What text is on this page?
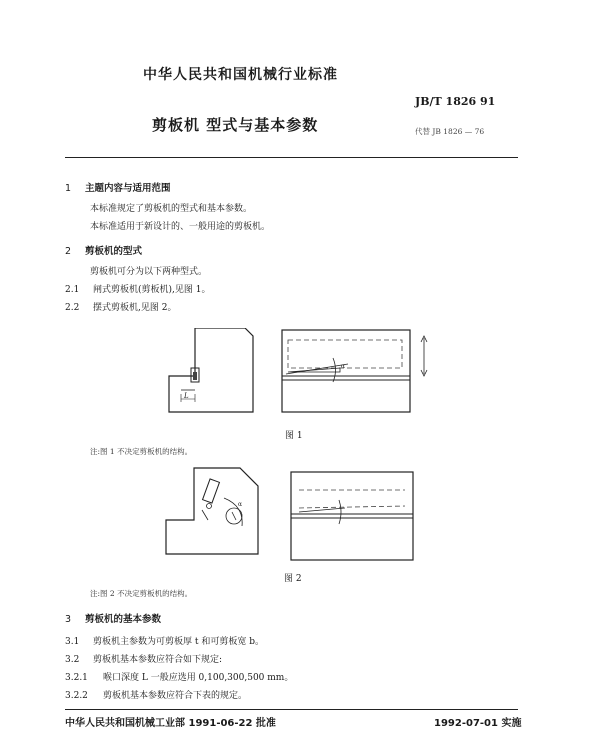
中华人民共和国机械行业标准
剪板机 型式与基本参数
JB/T 1826 91
代替 JB 1826 — 76
1 主题内容与适用范围
本标准规定了剪板机的型式和基本参数。
本标准适用于新设计的、一般用途的剪板机。
2 剪板机的型式
剪板机可分为以下两种型式。
2.1 闸式剪板机(剪板机),见图 1。
2.2 摆式剪板机,见图 2。
L
α
图 1
注:图 1 不决定剪板机的结构。
α
图 2
注:图 2 不决定剪板机的结构。
3 剪板机的基本参数
3.1 剪板机主参数为可剪板厚 t 和可剪板宽 b。
3.2 剪板机基本参数应符合如下规定:
3.2.1 喉口深度 L 一般应选用 0,100,300,500 mm。
3.2.2 剪板机基本参数应符合下表的规定。
中华人民共和国机械工业部 1991-06-22 批准	1992-07-01 实施
